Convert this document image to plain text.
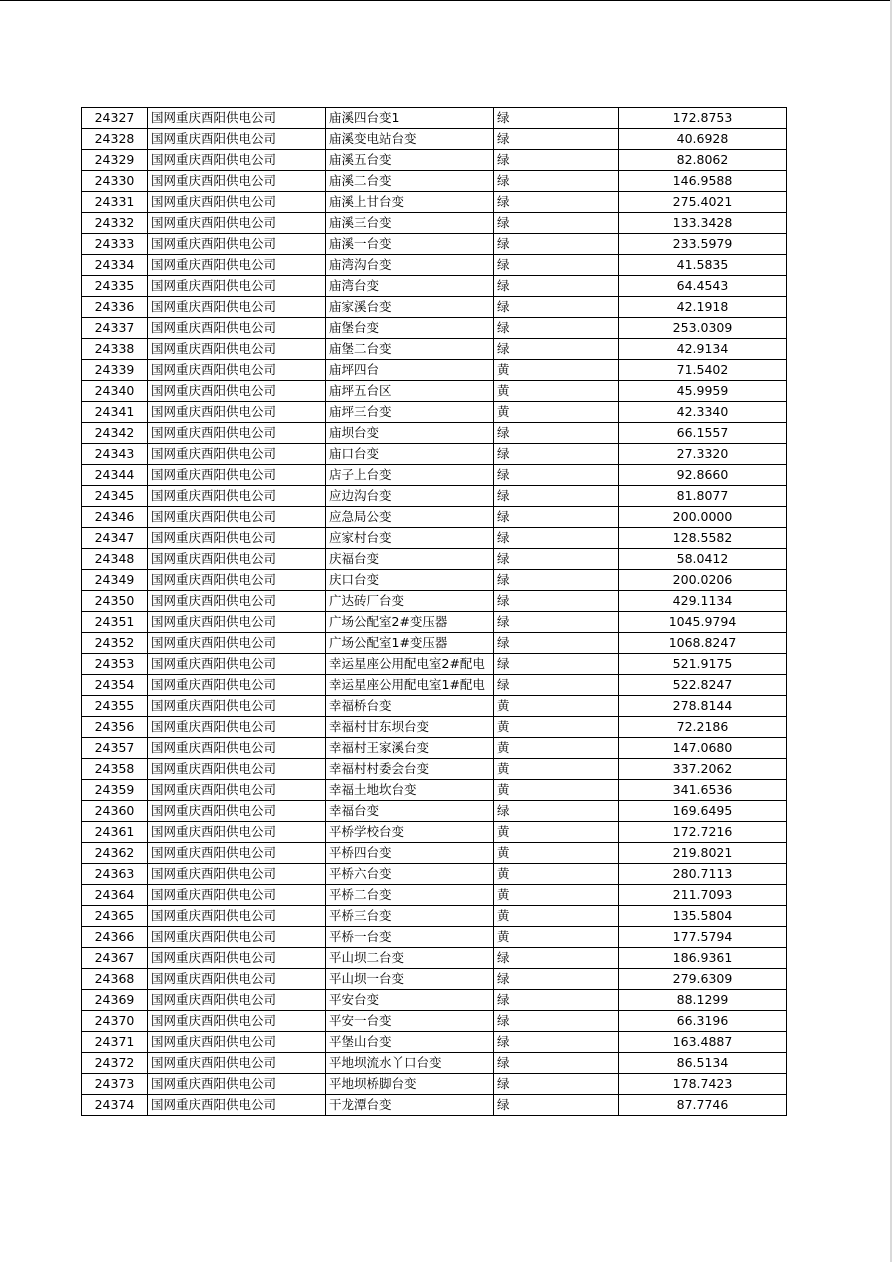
24327	国网重庆酉阳供电公司	庙溪四台变1	绿	172.8753
24328	国网重庆酉阳供电公司	庙溪变电站台变	绿	40.6928
24329	国网重庆酉阳供电公司	庙溪五台变	绿	82.8062
24330	国网重庆酉阳供电公司	庙溪二台变	绿	146.9588
24331	国网重庆酉阳供电公司	庙溪上甘台变	绿	275.4021
24332	国网重庆酉阳供电公司	庙溪三台变	绿	133.3428
24333	国网重庆酉阳供电公司	庙溪一台变	绿	233.5979
24334	国网重庆酉阳供电公司	庙湾沟台变	绿	41.5835
24335	国网重庆酉阳供电公司	庙湾台变	绿	64.4543
24336	国网重庆酉阳供电公司	庙家溪台变	绿	42.1918
24337	国网重庆酉阳供电公司	庙堡台变	绿	253.0309
24338	国网重庆酉阳供电公司	庙堡二台变	绿	42.9134
24339	国网重庆酉阳供电公司	庙坪四台	黄	71.5402
24340	国网重庆酉阳供电公司	庙坪五台区	黄	45.9959
24341	国网重庆酉阳供电公司	庙坪三台变	黄	42.3340
24342	国网重庆酉阳供电公司	庙坝台变	绿	66.1557
24343	国网重庆酉阳供电公司	庙口台变	绿	27.3320
24344	国网重庆酉阳供电公司	店子上台变	绿	92.8660
24345	国网重庆酉阳供电公司	应边沟台变	绿	81.8077
24346	国网重庆酉阳供电公司	应急局公变	绿	200.0000
24347	国网重庆酉阳供电公司	应家村台变	绿	128.5582
24348	国网重庆酉阳供电公司	庆福台变	绿	58.0412
24349	国网重庆酉阳供电公司	庆口台变	绿	200.0206
24350	国网重庆酉阳供电公司	广达砖厂台变	绿	429.1134
24351	国网重庆酉阳供电公司	广场公配室2#变压器	绿	1045.9794
24352	国网重庆酉阳供电公司	广场公配室1#变压器	绿	1068.8247
24353	国网重庆酉阳供电公司	幸运星座公用配电室2#配电	绿	521.9175
24354	国网重庆酉阳供电公司	幸运星座公用配电室1#配电	绿	522.8247
24355	国网重庆酉阳供电公司	幸福桥台变	黄	278.8144
24356	国网重庆酉阳供电公司	幸福村甘东坝台变	黄	72.2186
24357	国网重庆酉阳供电公司	幸福村王家溪台变	黄	147.0680
24358	国网重庆酉阳供电公司	幸福村村委会台变	黄	337.2062
24359	国网重庆酉阳供电公司	幸福土地坎台变	黄	341.6536
24360	国网重庆酉阳供电公司	幸福台变	绿	169.6495
24361	国网重庆酉阳供电公司	平桥学校台变	黄	172.7216
24362	国网重庆酉阳供电公司	平桥四台变	黄	219.8021
24363	国网重庆酉阳供电公司	平桥六台变	黄	280.7113
24364	国网重庆酉阳供电公司	平桥二台变	黄	211.7093
24365	国网重庆酉阳供电公司	平桥三台变	黄	135.5804
24366	国网重庆酉阳供电公司	平桥一台变	黄	177.5794
24367	国网重庆酉阳供电公司	平山坝二台变	绿	186.9361
24368	国网重庆酉阳供电公司	平山坝一台变	绿	279.6309
24369	国网重庆酉阳供电公司	平安台变	绿	88.1299
24370	国网重庆酉阳供电公司	平安一台变	绿	66.3196
24371	国网重庆酉阳供电公司	平堡山台变	绿	163.4887
24372	国网重庆酉阳供电公司	平地坝流水丫口台变	绿	86.5134
24373	国网重庆酉阳供电公司	平地坝桥脚台变	绿	178.7423
24374	国网重庆酉阳供电公司	干龙潭台变	绿	87.7746
